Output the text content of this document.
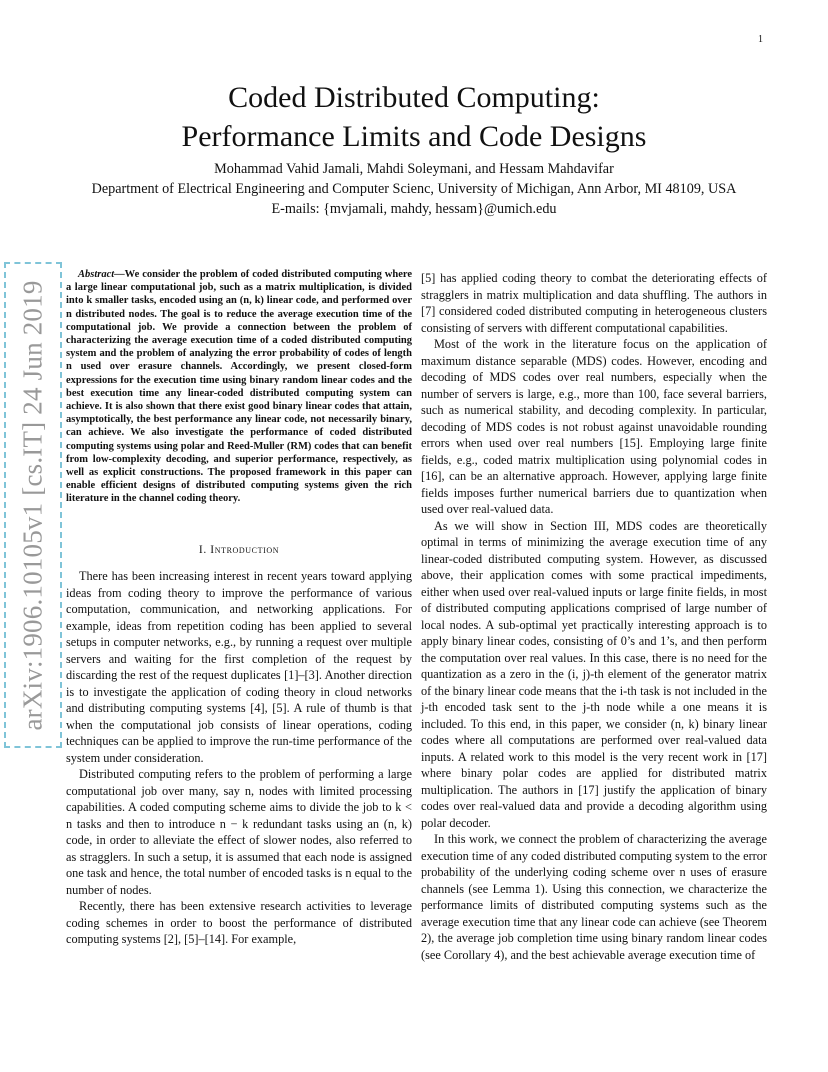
1
arXiv:1906.10105v1 [cs.IT] 24 Jun 2019
Coded Distributed Computing:
Performance Limits and Code Designs
Mohammad Vahid Jamali, Mahdi Soleymani, and Hessam Mahdavifar
Department of Electrical Engineering and Computer Scienc, University of Michigan, Ann Arbor, MI 48109, USA
E-mails: {mvjamali, mahdy, hessam}@umich.edu

Abstract—We consider the problem of coded distributed computing where a large linear computational job, such as a matrix multiplication, is divided into k smaller tasks, encoded using an (n, k) linear code, and performed over n distributed nodes. The goal is to reduce the average execution time of the computational job. We provide a connection between the problem of characterizing the average execution time of a coded distributed computing system and the problem of analyzing the error probability of codes of length n used over erasure channels. Accordingly, we present closed-form expressions for the execution time using binary random linear codes and the best execution time any linear-coded distributed computing system can achieve. It is also shown that there exist good binary linear codes that attain, asymptotically, the best performance any linear code, not necessarily binary, can achieve. We also investigate the performance of coded distributed computing systems using polar and Reed-Muller (RM) codes that can benefit from low-complexity decoding, and superior performance, respectively, as well as explicit constructions. The proposed framework in this paper can enable efficient designs of distributed computing systems given the rich literature in the channel coding theory.

I. Introduction

There has been increasing interest in recent years toward applying ideas from coding theory to improve the performance of various computation, communication, and networking applications. For example, ideas from repetition coding has been applied to several setups in computer networks, e.g., by running a request over multiple servers and waiting for the first completion of the request by discarding the rest of the request duplicates [1]–[3]. Another direction is to investigate the application of coding theory in cloud networks and distributing computing systems [4], [5]. A rule of thumb is that when the computational job consists of linear operations, coding techniques can be applied to improve the run-time performance of the system under consideration.

Distributed computing refers to the problem of performing a large computational job over many, say n, nodes with limited processing capabilities. A coded computing scheme aims to divide the job to k < n tasks and then to introduce n − k redundant tasks using an (n, k) code, in order to alleviate the effect of slower nodes, also referred to as stragglers. In such a setup, it is assumed that each node is assigned one task and hence, the total number of encoded tasks is n equal to the number of nodes.

Recently, there has been extensive research activities to leverage coding schemes in order to boost the performance of distributed computing systems [2], [5]–[14]. For example,

[5] has applied coding theory to combat the deteriorating effects of stragglers in matrix multiplication and data shuffling. The authors in [7] considered coded distributed computing in heterogeneous clusters consisting of servers with different computational capabilities.

Most of the work in the literature focus on the application of maximum distance separable (MDS) codes. However, encoding and decoding of MDS codes over real numbers, especially when the number of servers is large, e.g., more than 100, face several barriers, such as numerical stability, and decoding complexity. In particular, decoding of MDS codes is not robust against unavoidable rounding errors when used over real numbers [15]. Employing large finite fields, e.g., coded matrix multiplication using polynomial codes in [16], can be an alternative approach. However, applying large finite fields imposes further numerical barriers due to quantization when used over real-valued data.

As we will show in Section III, MDS codes are theoretically optimal in terms of minimizing the average execution time of any linear-coded distributed computing system. However, as discussed above, their application comes with some practical impediments, either when used over real-valued inputs or large finite fields, in most of distributed computing applications comprised of large number of local nodes. A sub-optimal yet practically interesting approach is to apply binary linear codes, consisting of 0’s and 1’s, and then perform the computation over real values. In this case, there is no need for the quantization as a zero in the (i, j)-th element of the generator matrix of the binary linear code means that the i-th task is not included in the j-th encoded task sent to the j-th node while a one means it is included. To this end, in this paper, we consider (n, k) binary linear codes where all computations are performed over real-valued data inputs. A related work to this model is the very recent work in [17] where binary polar codes are applied for distributed matrix multiplication. The authors in [17] justify the application of binary codes over real-valued data and provide a decoding algorithm using polar decoder.

In this work, we connect the problem of characterizing the average execution time of any coded distributed computing system to the error probability of the underlying coding scheme over n uses of erasure channels (see Lemma 1). Using this connection, we characterize the performance limits of distributed computing systems such as the average execution time that any linear code can achieve (see Theorem 2), the average job completion time using binary random linear codes (see Corollary 4), and the best achievable average execution time of
